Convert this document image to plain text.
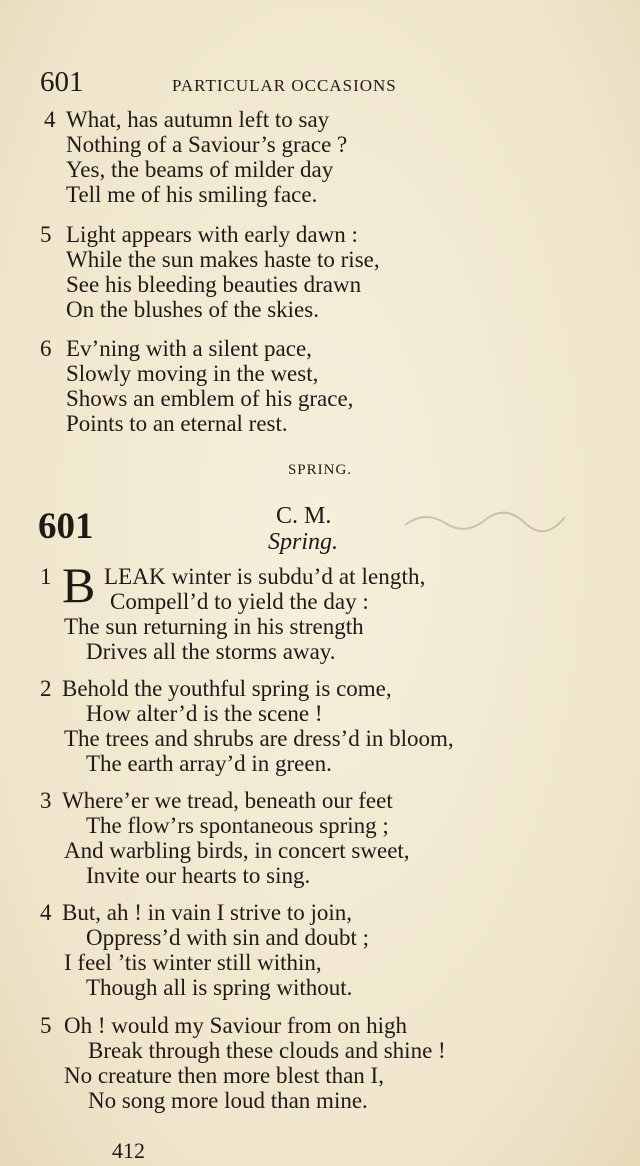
601	PARTICULAR OCCASIONS
4 What, has autumn left to say
Nothing of a Saviour’s grace ?
Yes, the beams of milder day
Tell me of his smiling face.
5 Light appears with early dawn :
While the sun makes haste to rise,
See his bleeding beauties drawn
On the blushes of the skies.
6 Ev’ning with a silent pace,
Slowly moving in the west,
Shows an emblem of his grace,
Points to an eternal rest.
SPRING.
601	C. M.
Spring.
1 LEAK winter is subdu’d at length,
Compell’d to yield the day :
The sun returning in his strength
Drives all the storms away.
B
2 Behold the youthful spring is come,
How alter’d is the scene !
The trees and shrubs are dress’d in bloom,
The earth array’d in green.
3 Where’er we tread, beneath our feet
The flow’rs spontaneous spring ;
And warbling birds, in concert sweet,
Invite our hearts to sing.
4 But, ah ! in vain I strive to join,
Oppress’d with sin and doubt ;
I feel ’tis winter still within,
Though all is spring without.
5 Oh ! would my Saviour from on high
Break through these clouds and shine !
No creature then more blest than I,
No song more loud than mine.
412
